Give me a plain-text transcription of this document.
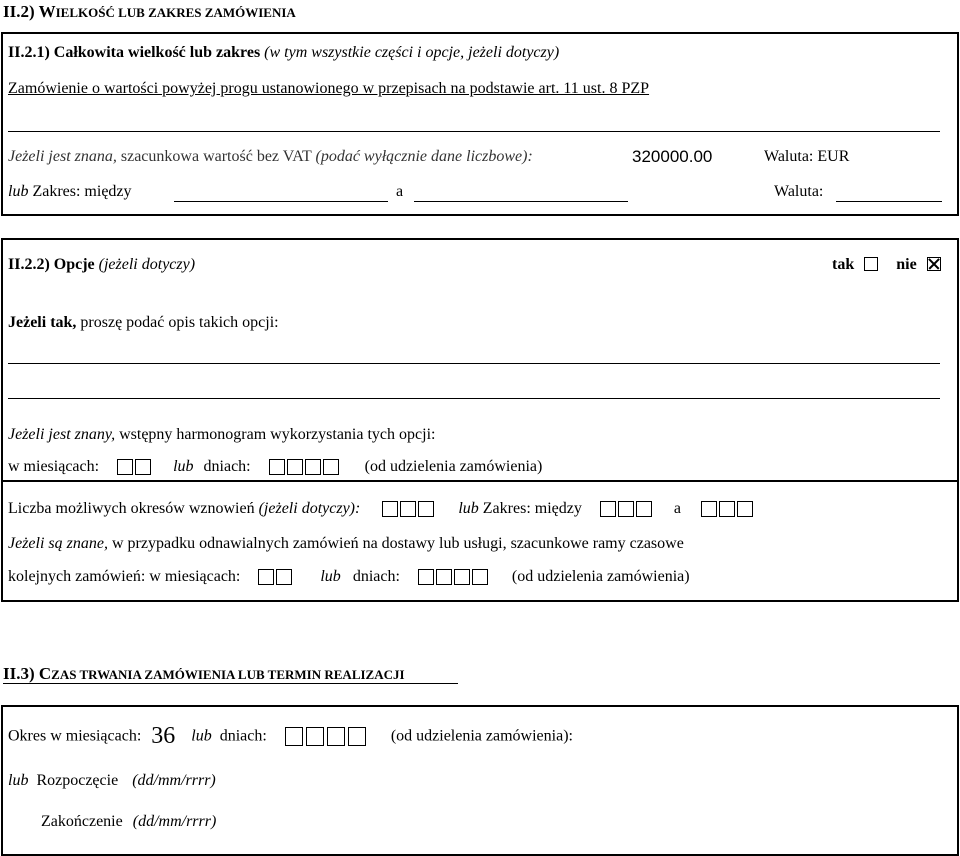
II.2) WIELKOŚĆ LUB ZAKRES ZAMÓWIENIA
II.2.1) Całkowita wielkość lub zakres (w tym wszystkie części i opcje, jeżeli dotyczy)
Zamówienie o wartości powyżej progu ustanowionego w przepisach na podstawie art. 11 ust. 8 PZP
Jeżeli jest znana, szacunkowa wartość bez VAT (podać wyłącznie dane liczbowe):	320000.00	Waluta: EUR
lub Zakres: między	a	Waluta:
II.2.2) Opcje (jeżeli dotyczy)	tak	nie
Jeżeli tak, proszę podać opis takich opcji:
Jeżeli jest znany, wstępny harmonogram wykorzystania tych opcji:
w miesiącach:	lub dniach:	(od udzielenia zamówienia)
Liczba możliwych okresów wznowień (jeżeli dotyczy):	lub Zakres: między	a
Jeżeli są znane, w przypadku odnawialnych zamówień na dostawy lub usługi, szacunkowe ramy czasowe
kolejnych zamówień: w miesiącach:	lub dniach:	(od udzielenia zamówienia)
II.3) CZAS TRWANIA ZAMÓWIENIA LUB TERMIN REALIZACJI
Okres w miesiącach: 36 lub dniach:	(od udzielenia zamówienia):
lub Rozpoczęcie (dd/mm/rrrr)
Zakończenie (dd/mm/rrrr)
